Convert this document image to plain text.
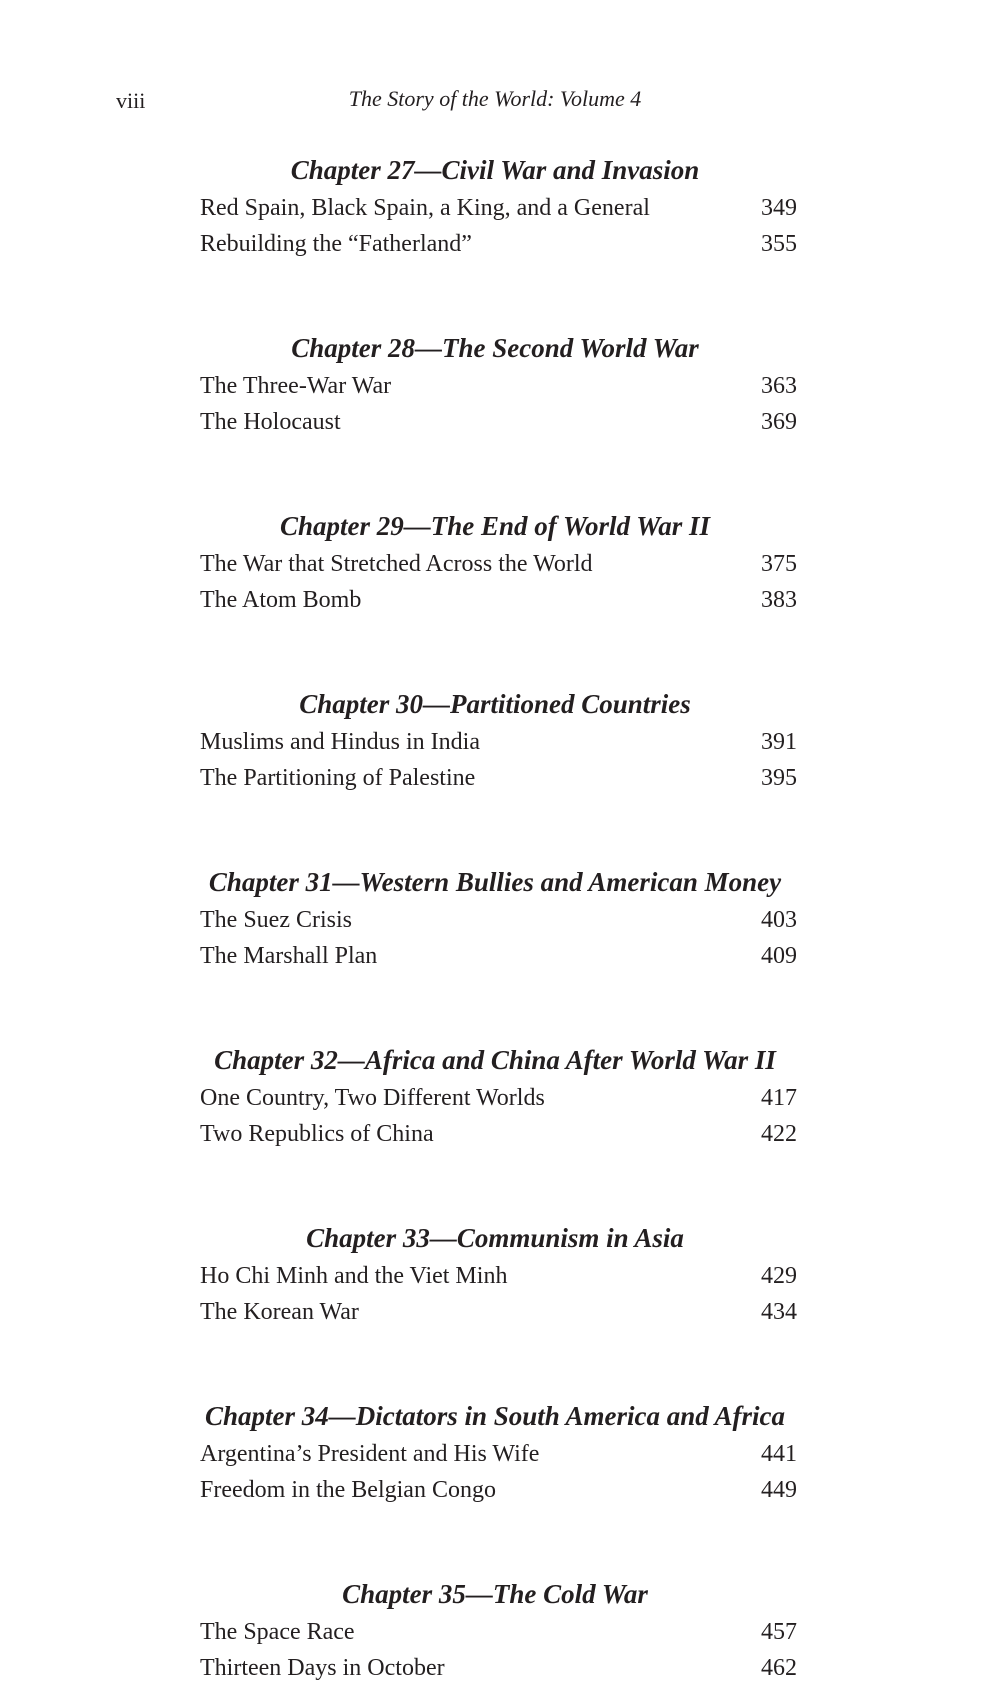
viii	The Story of the World: Volume 4
Chapter 27—Civil War and Invasion
Red Spain, Black Spain, a King, and a General	349
Rebuilding the “Fatherland”	355
Chapter 28—The Second World War
The Three-War War	363
The Holocaust	369
Chapter 29—The End of World War II
The War that Stretched Across the World	375
The Atom Bomb	383
Chapter 30—Partitioned Countries
Muslims and Hindus in India	391
The Partitioning of Palestine	395
Chapter 31—Western Bullies and American Money
The Suez Crisis	403
The Marshall Plan	409
Chapter 32—Africa and China After World War II
One Country, Two Different Worlds	417
Two Republics of China	422
Chapter 33—Communism in Asia
Ho Chi Minh and the Viet Minh	429
The Korean War	434
Chapter 34—Dictators in South America and Africa
Argentina’s President and His Wife	441
Freedom in the Belgian Congo	449
Chapter 35—The Cold War
The Space Race	457
Thirteen Days in October	462
